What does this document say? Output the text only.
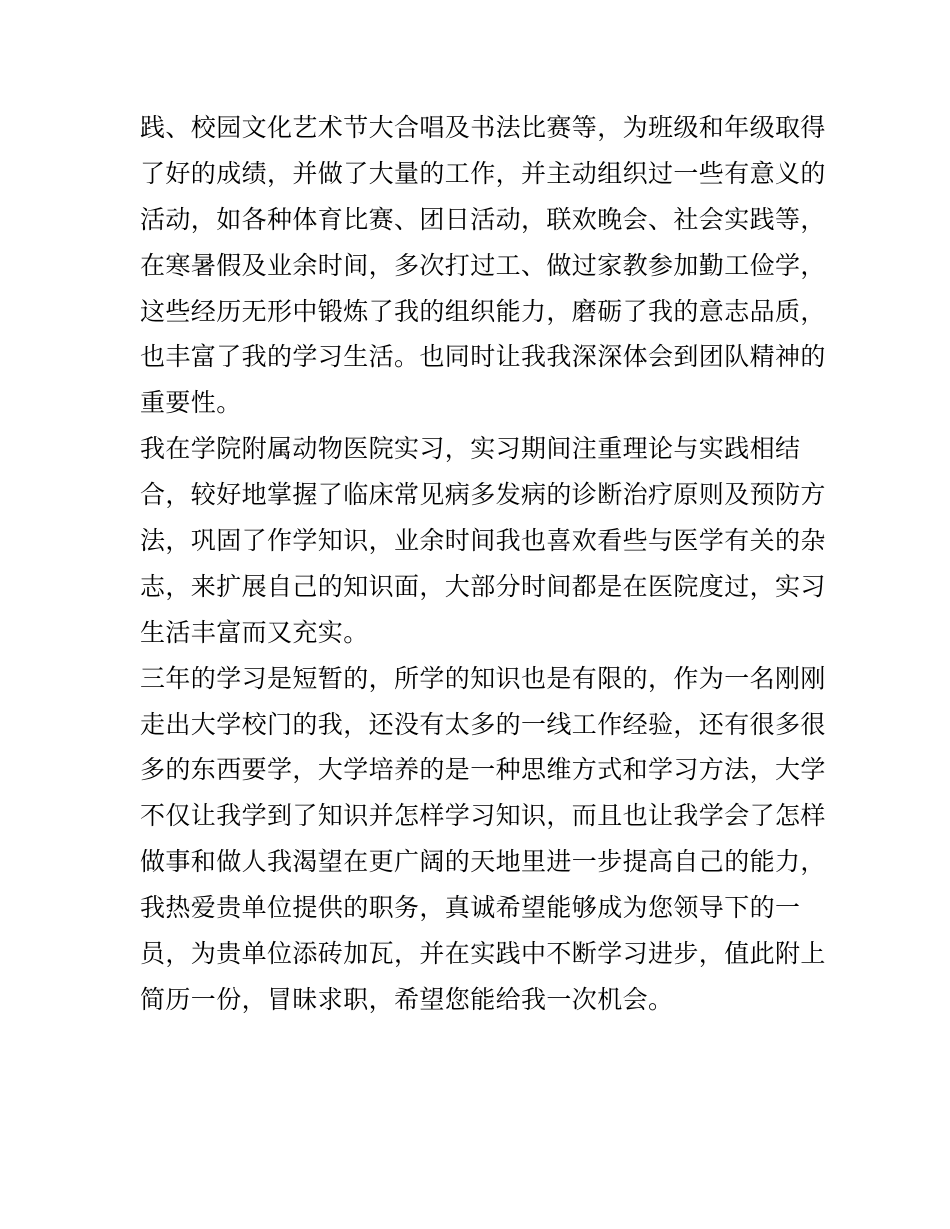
践、校园文化艺术节大合唱及书法比赛等，为班级和年级取得
了好的成绩，并做了大量的工作，并主动组织过一些有意义的
活动，如各种体育比赛、团日活动，联欢晚会、社会实践等，
在寒暑假及业余时间，多次打过工、做过家教参加勤工俭学，
这些经历无形中锻炼了我的组织能力，磨砺了我的意志品质，
也丰富了我的学习生活。也同时让我我深深体会到团队精神的
重要性。
我在学院附属动物医院实习，实习期间注重理论与实践相结
合，较好地掌握了临床常见病多发病的诊断治疗原则及预防方
法，巩固了作学知识，业余时间我也喜欢看些与医学有关的杂
志，来扩展自己的知识面，大部分时间都是在医院度过，实习
生活丰富而又充实。
三年的学习是短暂的，所学的知识也是有限的，作为一名刚刚
走出大学校门的我，还没有太多的一线工作经验，还有很多很
多的东西要学，大学培养的是一种思维方式和学习方法，大学
不仅让我学到了知识并怎样学习知识，而且也让我学会了怎样
做事和做人我渴望在更广阔的天地里进一步提高自己的能力，
我热爱贵单位提供的职务，真诚希望能够成为您领导下的一
员，为贵单位添砖加瓦，并在实践中不断学习进步，值此附上
简历一份，冒昧求职，希望您能给我一次机会。
